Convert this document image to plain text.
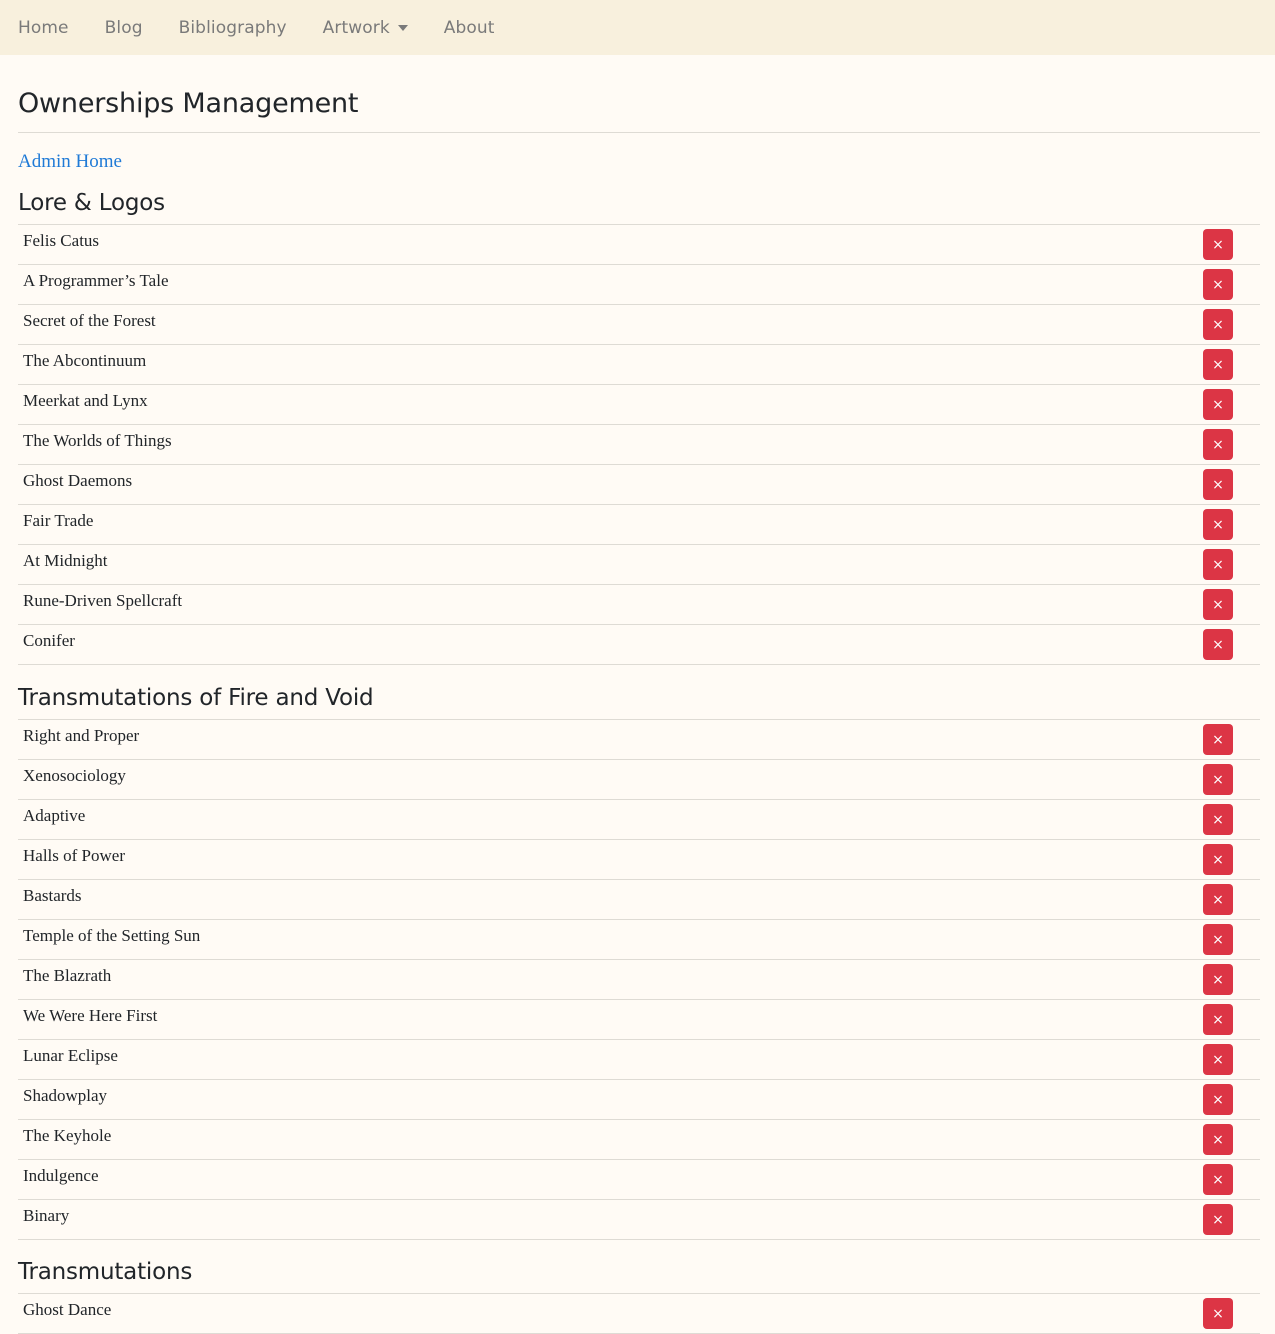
Home Blog Bibliography Artwork	About
Ownerships Management
Admin Home
Lore & Logos
Felis Catus	×
A Programmer’s Tale	×
Secret of the Forest	×
The Abcontinuum	×
Meerkat and Lynx	×
The Worlds of Things	×
Ghost Daemons	×
Fair Trade	×
At Midnight	×
Rune-Driven Spellcraft	×
Conifer	×
Transmutations of Fire and Void
Right and Proper	×
Xenosociology	×
Adaptive	×
Halls of Power	×
Bastards	×
Temple of the Setting Sun	×
The Blazrath	×
We Were Here First	×
Lunar Eclipse	×
Shadowplay	×
The Keyhole	×
Indulgence	×
Binary	×
Transmutations
Ghost Dance	×
